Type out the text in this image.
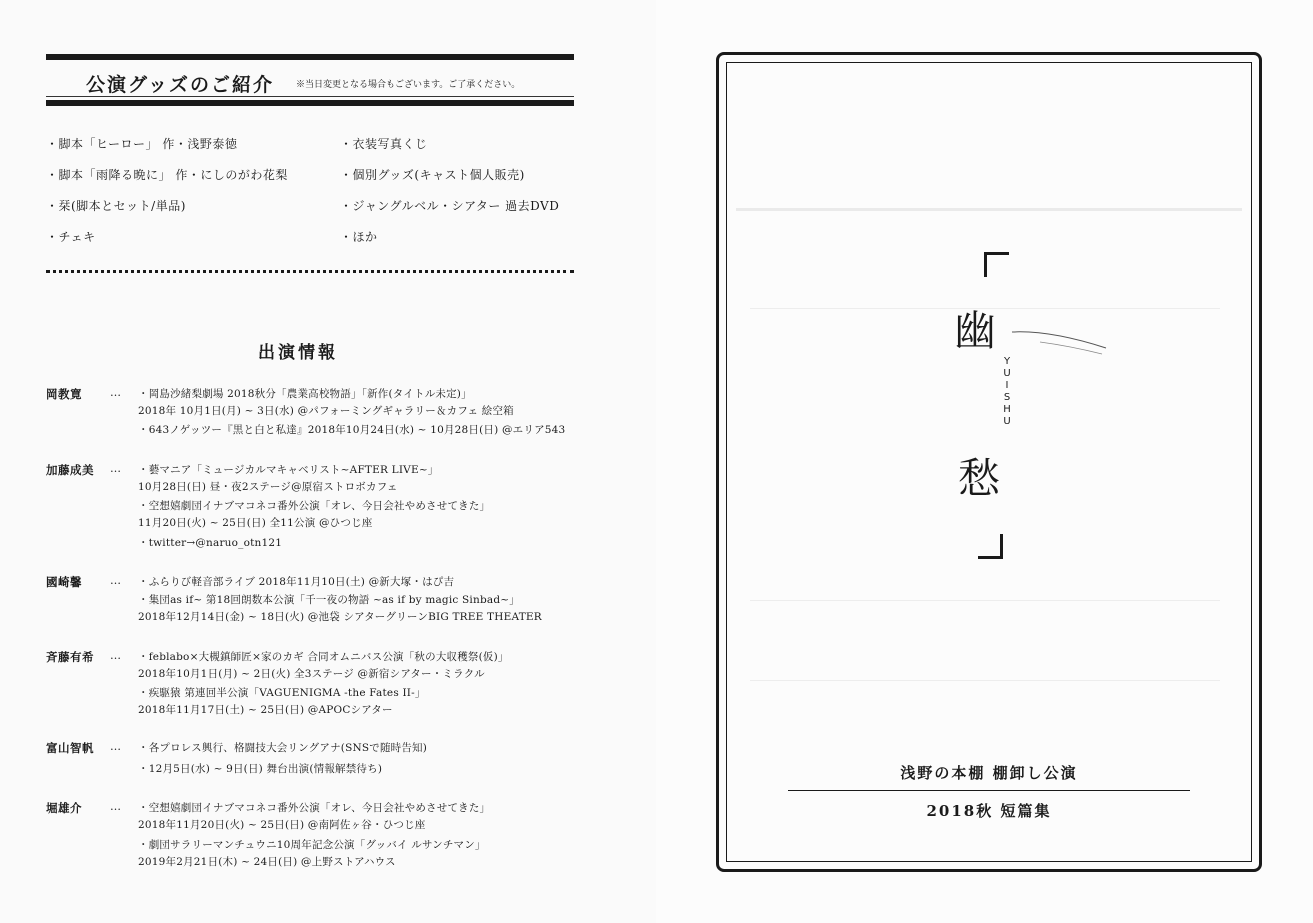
公演グッズのご紹介 ※当日変更となる場合もございます。ご了承ください。
・脚本「ヒーロー」 作・浅野泰徳
・脚本「雨降る晩に」 作・にしのがわ花梨
・栞(脚本とセット/単品)
・チェキ
・衣装写真くじ
・個別グッズ(キャスト個人販売)
・ジャングルベル・シアター 過去DVD
・ほか
出演情報
岡教寛	… ・岡島沙緒梨劇場 2018秋分「農業高校物語」「新作(タイトル未定)」
2018年 10月1日(月) ~ 3日(水) @パフォーミングギャラリー＆カフェ 絵空箱
・643ノゲッツー『黒と白と私達』2018年10月24日(水) ~ 10月28日(日) @エリア543
加藤成美 … ・藝マニア「ミュージカルマキャベリスト~AFTER LIVE~」
10月28日(日) 昼・夜2ステージ@原宿ストロボカフェ
・空想嬉劇団イナブマコネコ番外公演「オレ、今日会社やめさせてきた」
11月20日(火) ~ 25日(日) 全11公演 @ひつじ座
・twitter→@naruo_otn121
國崎馨	… ・ふらりび軽音部ライブ 2018年11月10日(土) @新大塚・はぴ吉
・集団as if~ 第18回朗数本公演「千一夜の物語 ~as if by magic Sinbad~」
2018年12月14日(金) ~ 18日(火) @池袋 シアターグリーンBIG TREE THEATER
斉藤有希 … ・feblabo×大槻鎮師匠×家のカギ 合同オムニバス公演「秋の大収穫祭(仮)」
2018年10月1日(月) ~ 2日(火) 全3ステージ @新宿シアター・ミラクル
・疾駆猿 第連回半公演「VAGUENIGMA -the Fates II-」
2018年11月17日(土) ~ 25日(日) @APOCシアター
富山智帆 … ・各プロレス興行、格闘技大会リングアナ(SNSで随時告知)
・12月5日(水) ~ 9日(日) 舞台出演(情報解禁待ち)
堀雄介	… ・空想嬉劇団イナブマコネコ番外公演「オレ、今日会社やめさせてきた」
2018年11月20日(火) ~ 25日(日) @南阿佐ヶ谷・ひつじ座
・劇団サラリーマンチュウニ10周年記念公演「グッバイ ルサンチマン」
2019年2月21日(木) ~ 24日(日) @上野ストアハウス
幽
Y
U
I
S
H
U
愁
浅野の本棚 棚卸し公演
2018秋 短篇集
